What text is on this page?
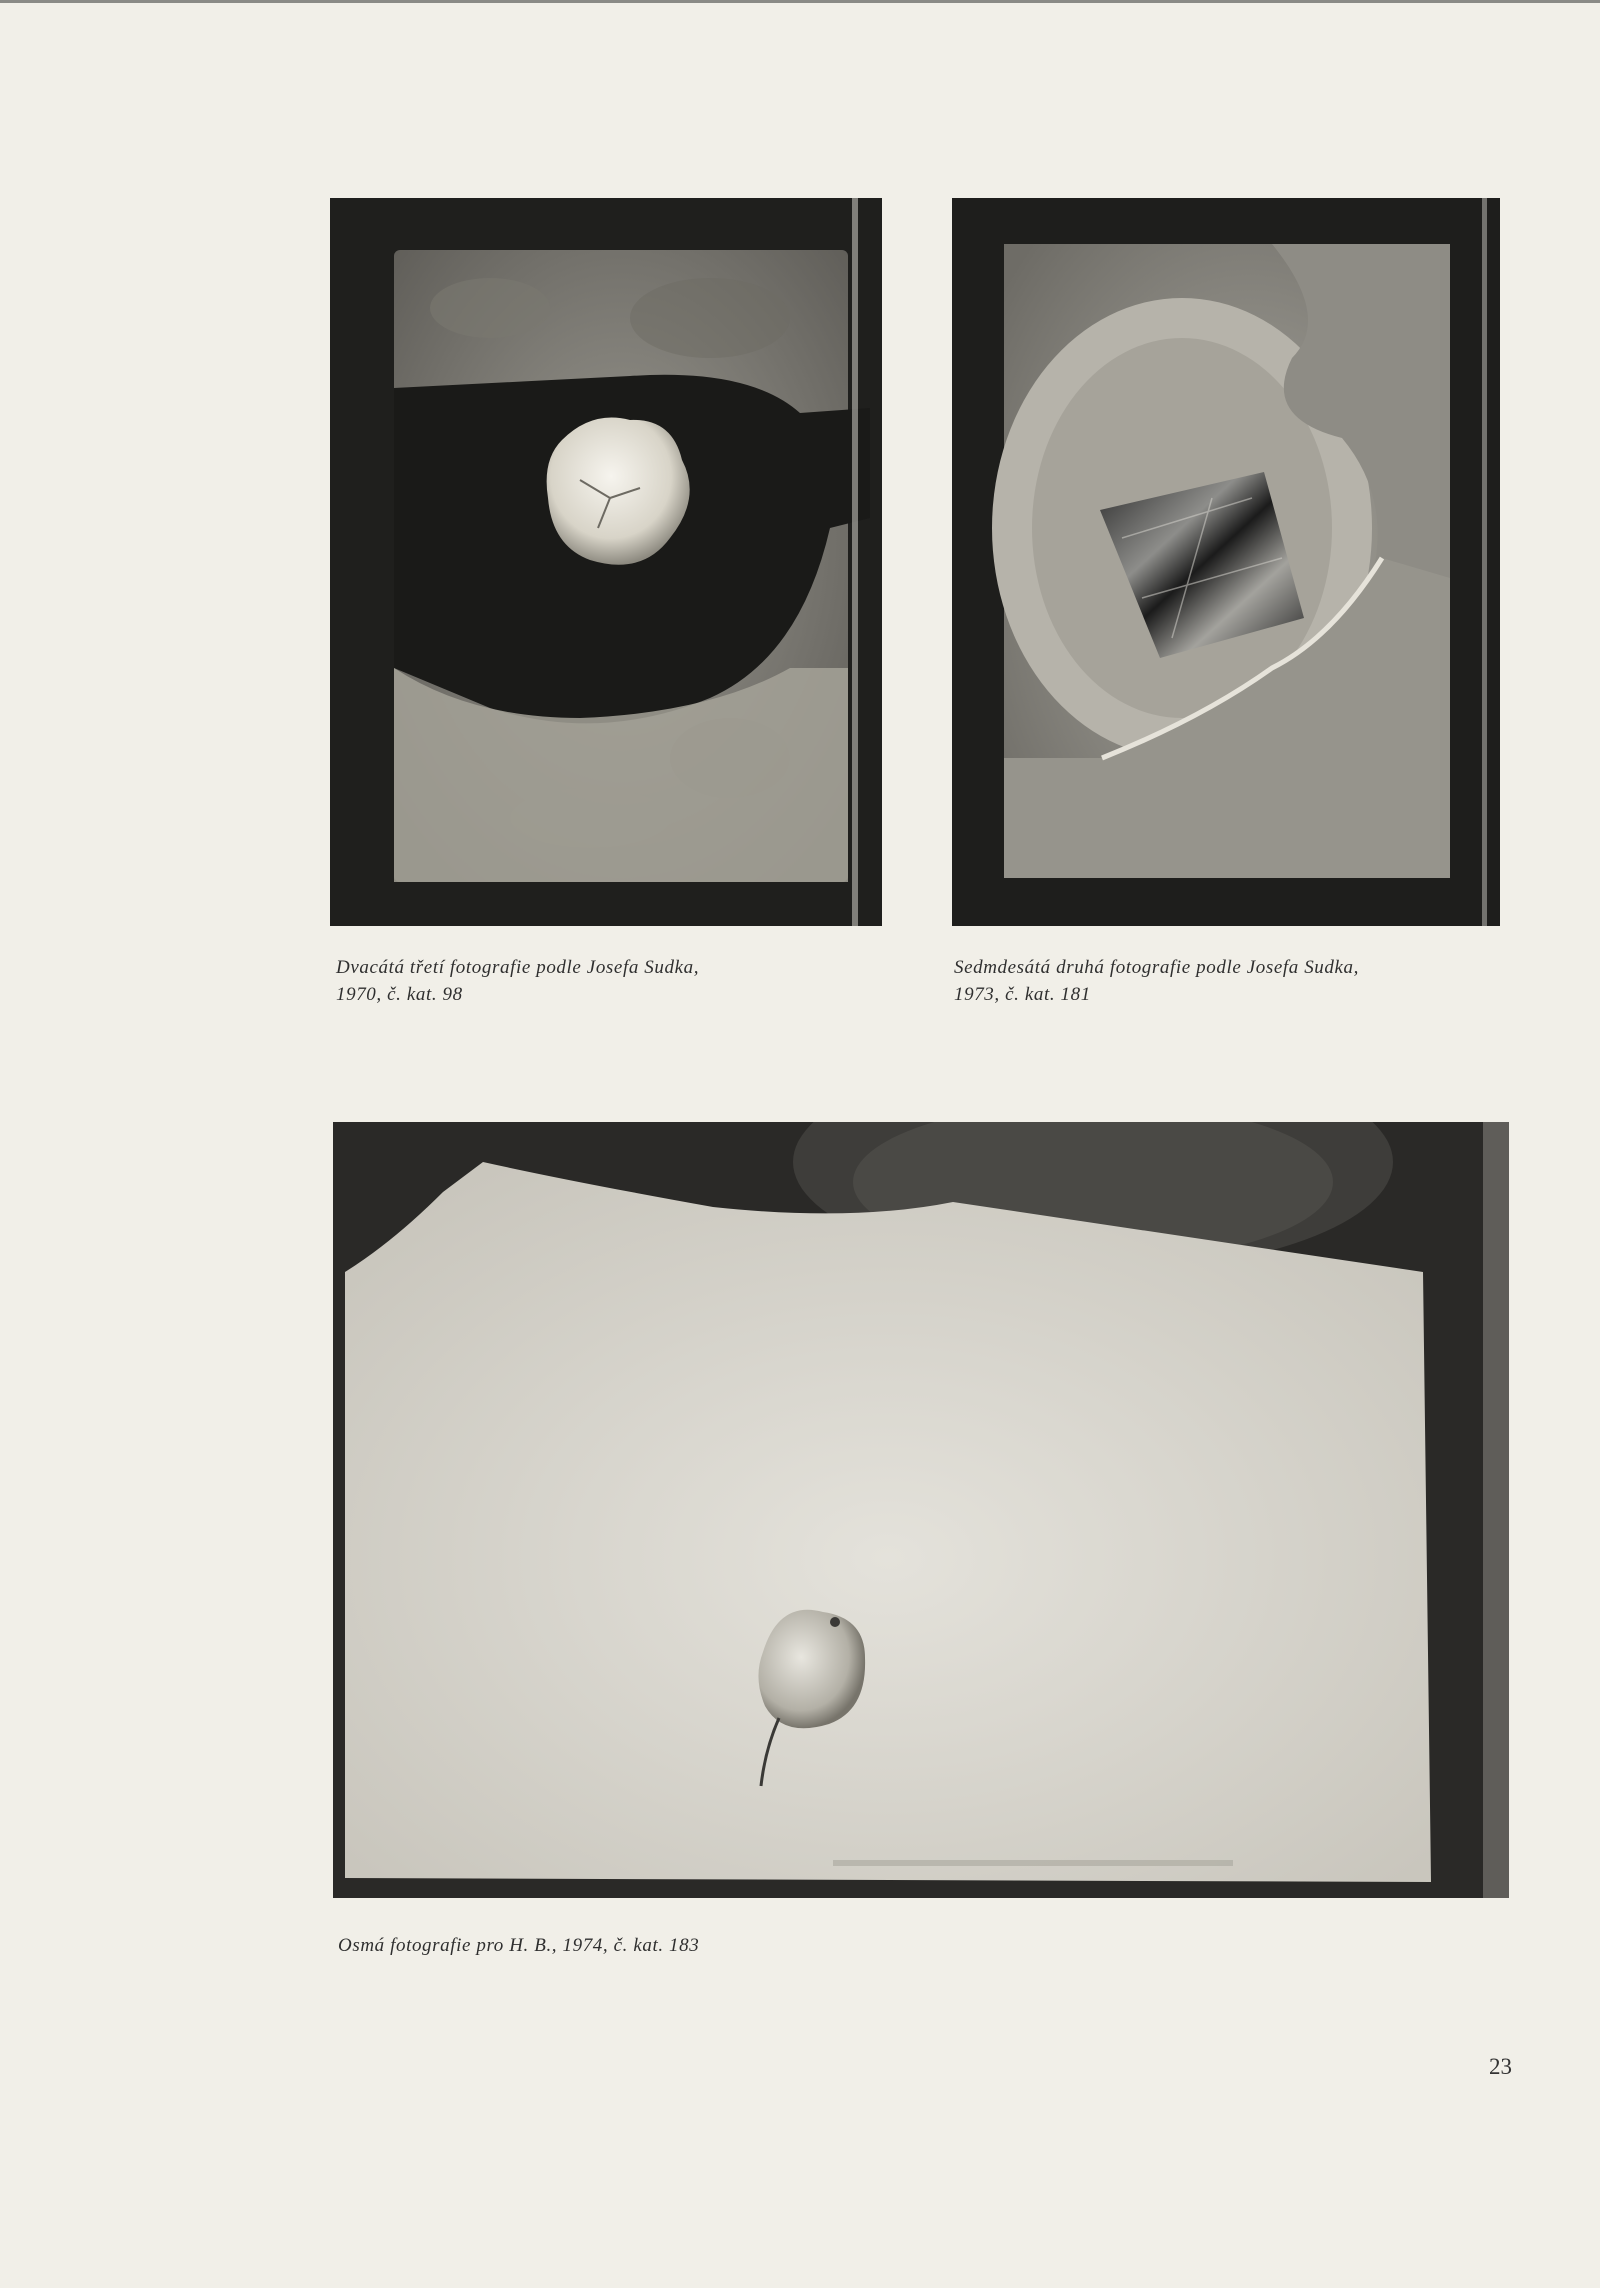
Dvacátá třetí fotografie podle Josefa Sudka,
1970, č. kat. 98
Sedmdesátá druhá fotografie podle Josefa Sudka,
1973, č. kat. 181
Osmá fotografie pro H. B., 1974, č. kat. 183
23
